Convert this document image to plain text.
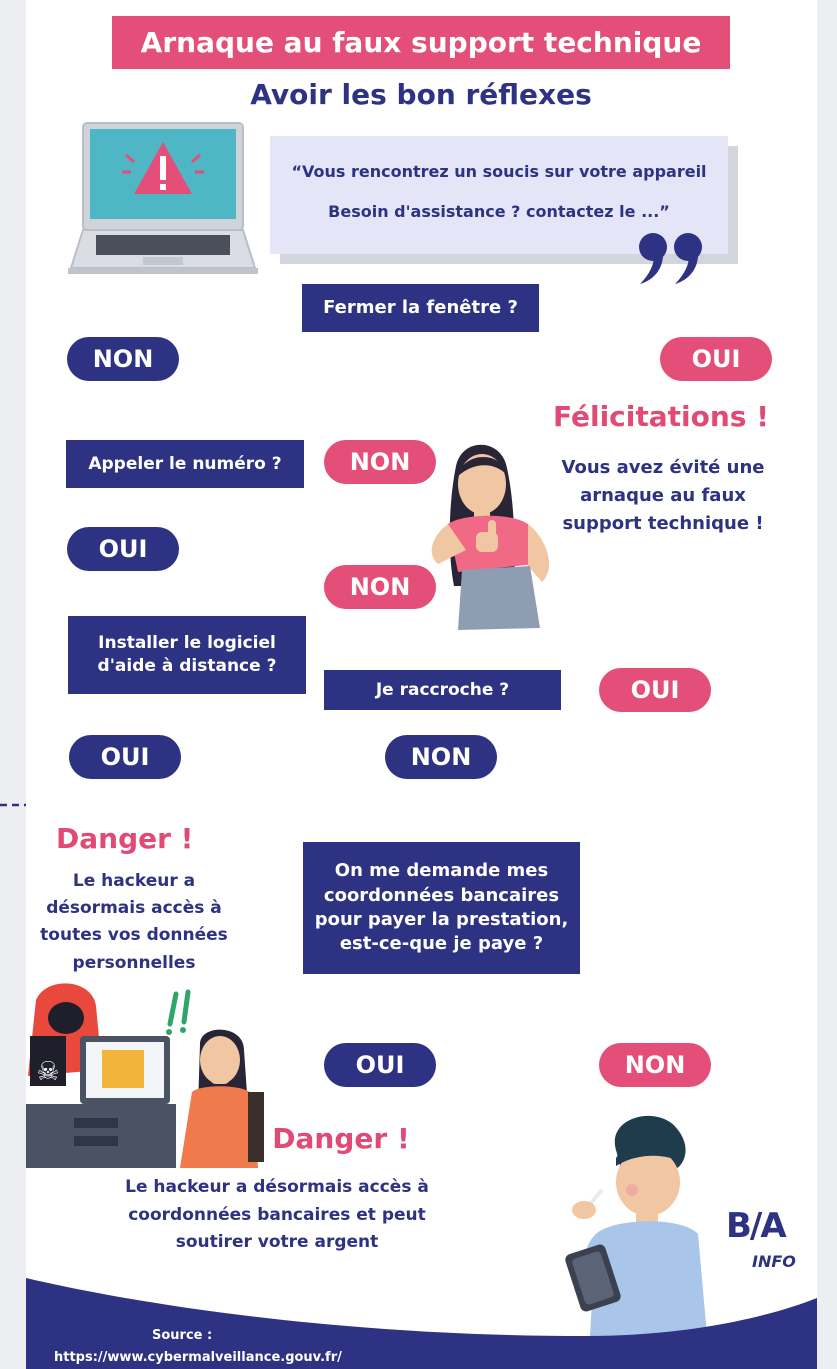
Arnaque au faux support technique
Avoir les bon réflexes
“Vous rencontrez un soucis sur votre appareil
Besoin d'assistance ? contactez le ...”
Fermer la fenêtre ?
Appeler le numéro ?
Installer le logiciel d'aide à distance ?
Je raccroche ?
On me demande mes coordonnées bancaires pour payer la prestation, est-ce-que je paye ?
NON	OUI
NON
OUI
NON
OUI
OUI	NON
OUI	NON
Félicitations !
Vous avez évité une arnaque au faux support technique !
Danger !
Le hackeur a désormais accès à toutes vos données personnelles
☠
Danger !
Le hackeur a désormais accès à coordonnées bancaires et peut soutirer votre argent	B/A
INFO
Source :
https://www.cybermalveillance.gouv.fr/
